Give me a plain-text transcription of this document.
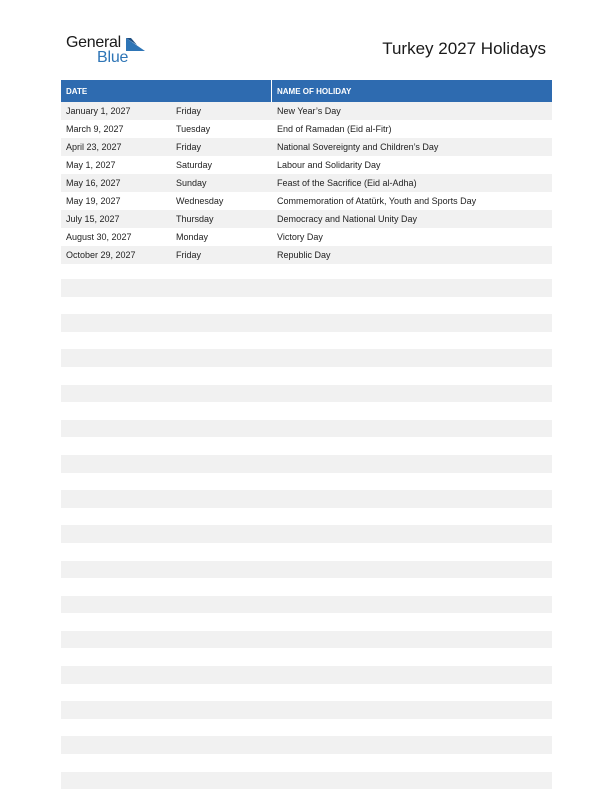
General
Blue	Turkey 2027 Holidays
DATE	NAME OF HOLIDAY
January 1, 2027	Friday	New Year’s Day
March 9, 2027	Tuesday	End of Ramadan (Eid al-Fitr)
April 23, 2027	Friday	National Sovereignty and Children’s Day
May 1, 2027	Saturday	Labour and Solidarity Day
May 16, 2027	Sunday	Feast of the Sacrifice (Eid al-Adha)
May 19, 2027	Wednesday	Commemoration of Atatürk, Youth and Sports Day
July 15, 2027	Thursday	Democracy and National Unity Day
August 30, 2027	Monday	Victory Day
October 29, 2027	Friday	Republic Day
